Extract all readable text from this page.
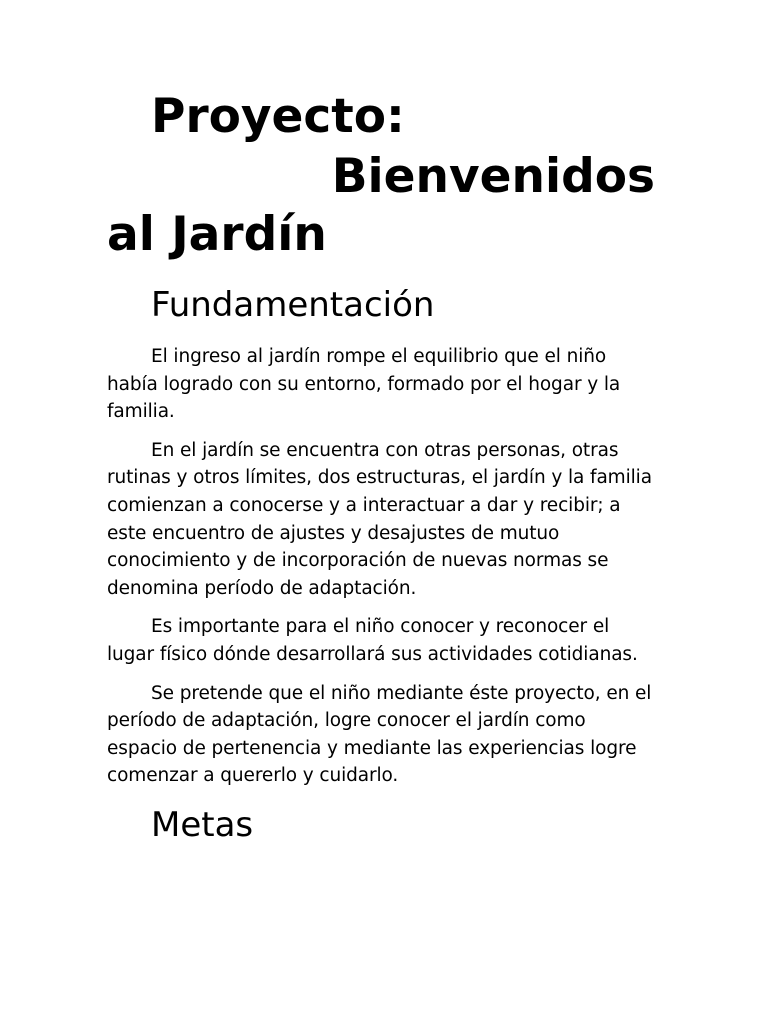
Proyecto:
Bienvenidos
al Jardín
Fundamentación

El ingreso al jardín rompe el equilibrio que el niño había logrado con su entorno, formado por el hogar y la familia.

En el jardín se encuentra con otras personas, otras rutinas y otros límites, dos estructuras, el jardín y la familia comienzan a conocerse y a interactuar a dar y recibir; a este encuentro de ajustes y desajustes de mutuo conocimiento y de incorporación de nuevas normas se denomina período de adaptación.

Es importante para el niño conocer y reconocer el lugar físico dónde desarrollará sus actividades cotidianas.

Se pretende que el niño mediante éste proyecto, en el período de adaptación, logre conocer el jardín como espacio de pertenencia y mediante las experiencias logre comenzar a quererlo y cuidarlo.

Metas
